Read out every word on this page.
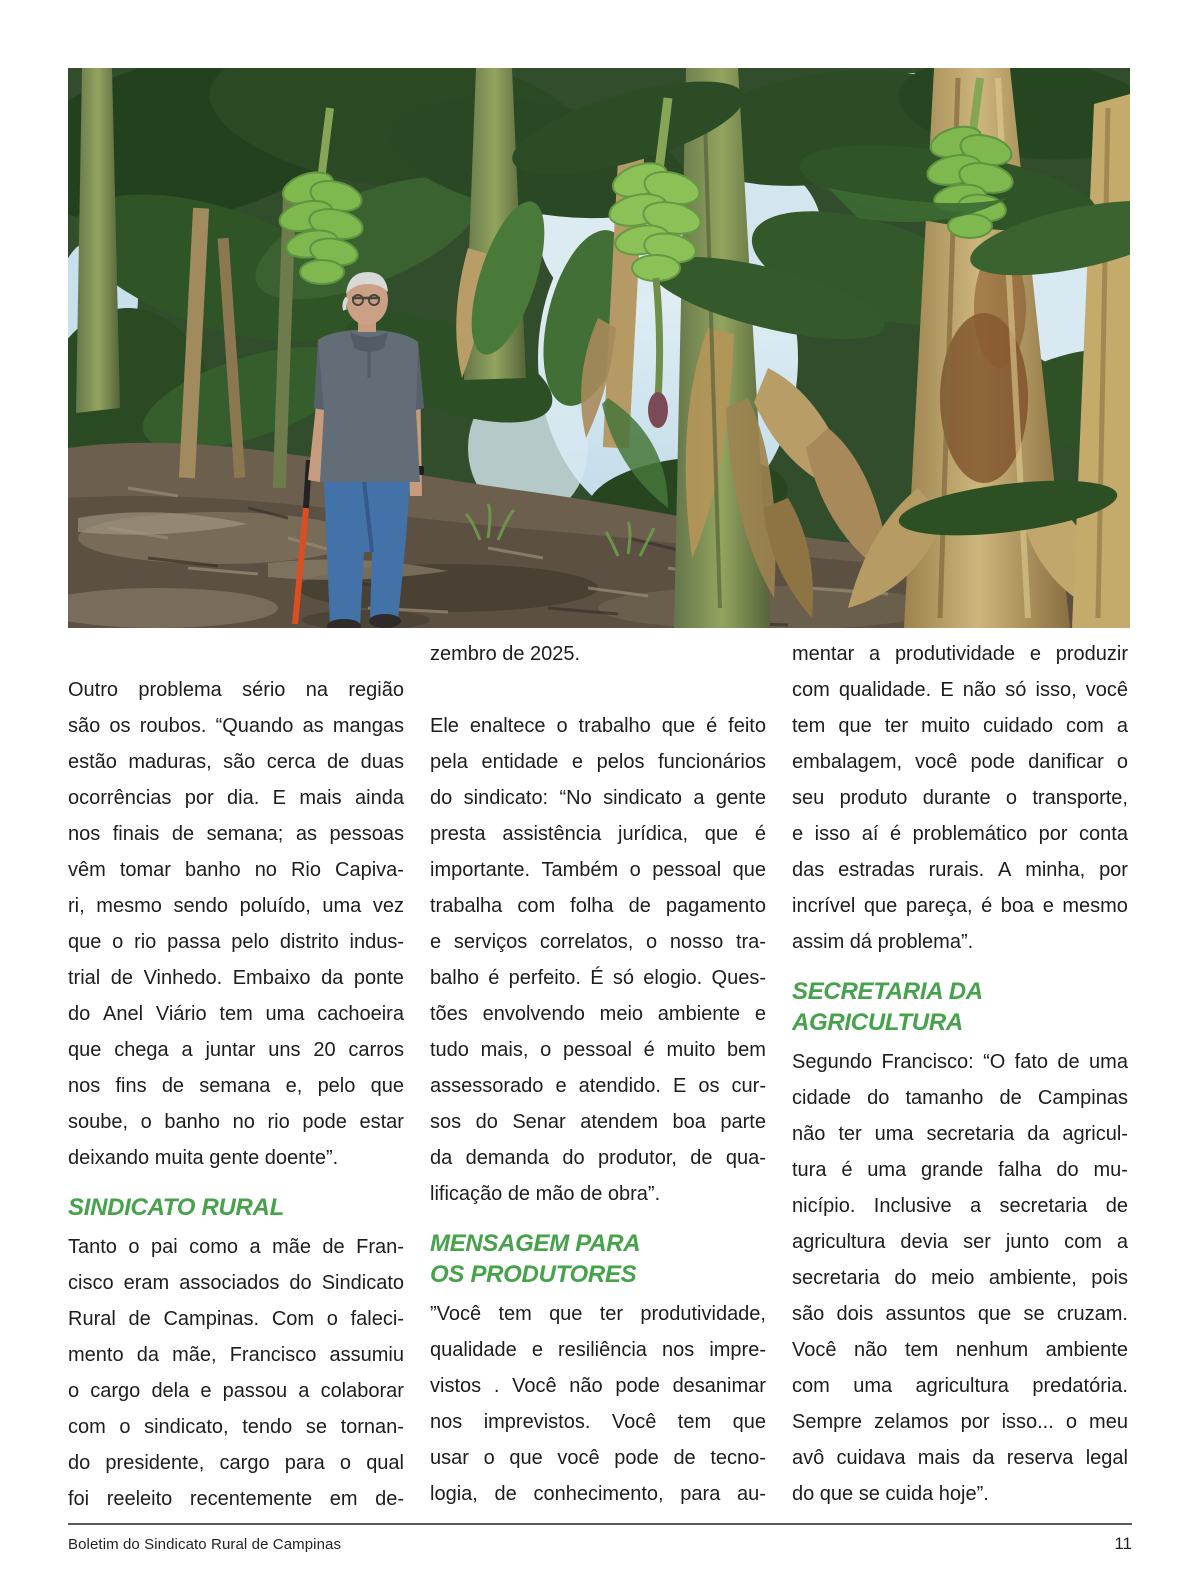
Outro problema sério na região
são os roubos. “Quando as mangas
estão maduras, são cerca de duas
ocorrências por dia. E mais ainda
nos finais de semana; as pessoas
vêm tomar banho no Rio Capiva-
ri, mesmo sendo poluído, uma vez
que o rio passa pelo distrito indus-
trial de Vinhedo. Embaixo da ponte
do Anel Viário tem uma cachoeira
que chega a juntar uns 20 carros
nos fins de semana e, pelo que
soube, o banho no rio pode estar
deixando muita gente doente”.
SINDICATO RURAL
Tanto o pai como a mãe de Fran-
cisco eram associados do Sindicato
Rural de Campinas. Com o faleci-
mento da mãe, Francisco assumiu
o cargo dela e passou a colaborar
com o sindicato, tendo se tornan-
do presidente, cargo para o qual
foi reeleito recentemente em de-
zembro de 2025.
Ele enaltece o trabalho que é feito
pela entidade e pelos funcionários
do sindicato: “No sindicato a gente
presta assistência jurídica, que é
importante. Também o pessoal que
trabalha com folha de pagamento
e serviços correlatos, o nosso tra-
balho é perfeito. É só elogio. Ques-
tões envolvendo meio ambiente e
tudo mais, o pessoal é muito bem
assessorado e atendido. E os cur-
sos do Senar atendem boa parte
da demanda do produtor, de qua-
lificação de mão de obra”.
MENSAGEM PARA
OS PRODUTORES
”Você tem que ter produtividade,
qualidade e resiliência nos impre-
vistos . Você não pode desanimar
nos imprevistos. Você tem que
usar o que você pode de tecno-
logia, de conhecimento, para au-
mentar a produtividade e produzir
com qualidade. E não só isso, você
tem que ter muito cuidado com a
embalagem, você pode danificar o
seu produto durante o transporte,
e isso aí é problemático por conta
das estradas rurais. A minha, por
incrível que pareça, é boa e mesmo
assim dá problema”.
SECRETARIA DA AGRICULTURA
Segundo Francisco: “O fato de uma
cidade do tamanho de Campinas
não ter uma secretaria da agricul-
tura é uma grande falha do mu-
nicípio. Inclusive a secretaria de
agricultura devia ser junto com a
secretaria do meio ambiente, pois
são dois assuntos que se cruzam.
Você não tem nenhum ambiente
com uma agricultura predatória.
Sempre zelamos por isso... o meu
avô cuidava mais da reserva legal
do que se cuida hoje”.
Boletim do Sindicato Rural de Campinas	11
